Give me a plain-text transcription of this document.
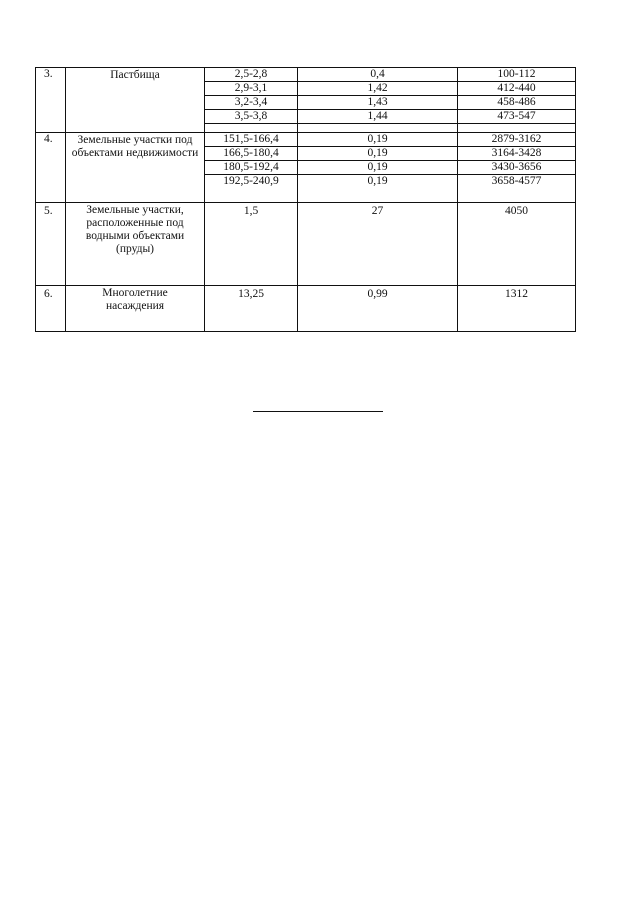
3.	Пастбища	2,5-2,8	0,4	100-112
		2,9-3,1	1,42	412-440
		3,2-3,4	1,43	458-486
		3,5-3,8	1,44	473-547

4.	Земельные участки под объектами недвижимости	151,5-166,4	0,19	2879-3162
		166,5-180,4	0,19	3164-3428
		180,5-192,4	0,19	3430-3656
		192,5-240,9	0,19	3658-4577

5.	Земельные участки, расположенные под водными объектами (пруды)	1,5	27	4050
6.	Многолетние насаждения	13,25	0,99	1312
